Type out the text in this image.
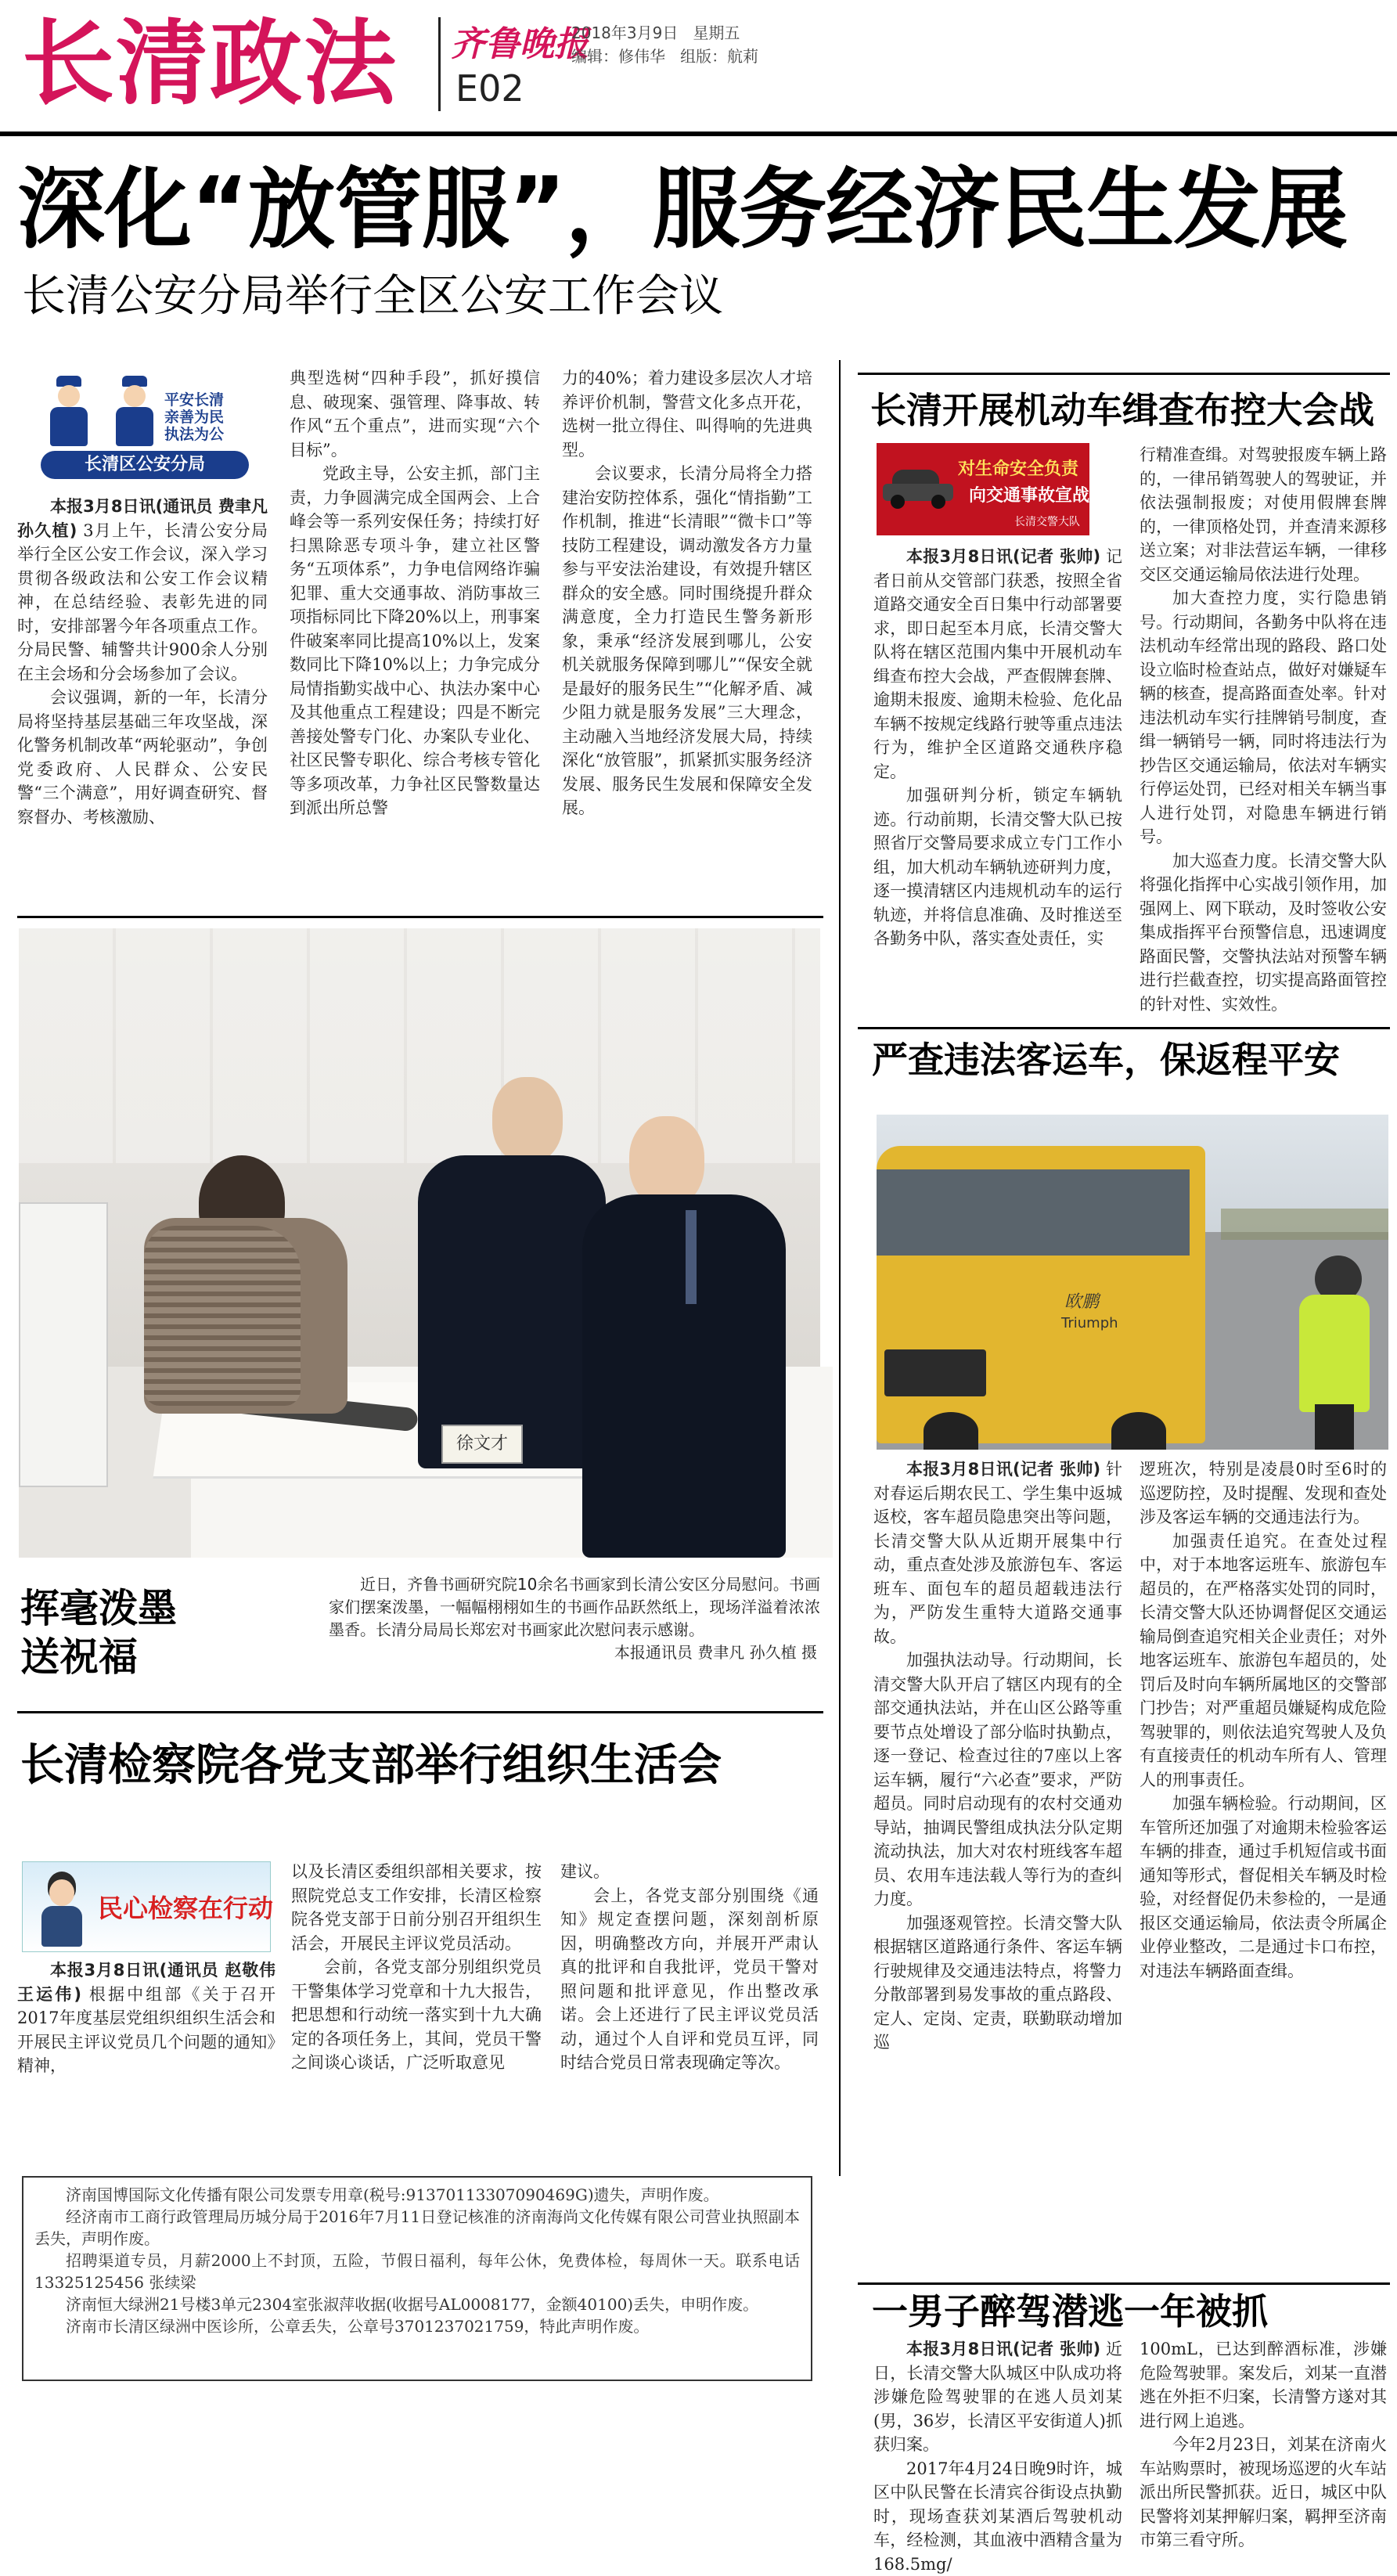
长清政法 齐鲁晚报
2018年3月9日 星期五
编辑：修伟华 组版：航莉
E02
深化“放管服”，服务经济民生发展
长清公安分局举行全区公安工作会议
平安长清
亲善为民
执法为公
长清区公安分局

本报3月8日讯(通讯员 费聿凡 孙久植) 3月上午，长清公安分局举行全区公安工作会议，深入学习贯彻各级政法和公安工作会议精神，在总结经验、表彰先进的同时，安排部署今年各项重点工作。分局民警、辅警共计900余人分别在主会场和分会场参加了会议。

会议强调，新的一年，长清分局将坚持基层基础三年攻坚战，深化警务机制改革“两轮驱动”，争创党委政府、人民群众、公安民警“三个满意”，用好调查研究、督察督办、考核激励、

典型选树“四种手段”，抓好摸信息、破现案、强管理、降事故、转作风“五个重点”，进而实现“六个目标”。

党政主导，公安主抓，部门主责，力争圆满完成全国两会、上合峰会等一系列安保任务；持续打好扫黑除恶专项斗争，建立社区警务“五项体系”，力争电信网络诈骗犯罪、重大交通事故、消防事故三项指标同比下降20%以上，刑事案件破案率同比提高10%以上，发案数同比下降10%以上；力争完成分局情指勤实战中心、执法办案中心及其他重点工程建设；四是不断完善接处警专门化、办案队专业化、社区民警专职化、综合考核专管化等多项改革，力争社区民警数量达到派出所总警

力的40%；着力建设多层次人才培养评价机制，警营文化多点开花，选树一批立得住、叫得响的先进典型。

会议要求，长清分局将全力搭建治安防控体系，强化“情指勤”工作机制，推进“长清眼”“微卡口”等技防工程建设，调动激发各方力量参与平安法治建设，有效提升辖区群众的安全感。同时围绕提升群众满意度，全力打造民生警务新形象，秉承“经济发展到哪儿，公安机关就服务保障到哪儿”“保安全就是最好的服务民生”“化解矛盾、减少阻力就是服务发展”三大理念，主动融入当地经济发展大局，持续深化“放管服”，抓紧抓实服务经济发展、服务民生发展和保障安全发展。

长清开展机动车缉查布控大会战
对生命安全负责
向交通事故宣战
长清交警大队

本报3月8日讯(记者 张帅) 记者日前从交管部门获悉，按照全省道路交通安全百日集中行动部署要求，即日起至本月底，长清交警大队将在辖区范围内集中开展机动车缉查布控大会战，严查假牌套牌、逾期未报废、逾期未检验、危化品车辆不按规定线路行驶等重点违法行为，维护全区道路交通秩序稳定。

加强研判分析，锁定车辆轨迹。行动前期，长清交警大队已按照省厅交警局要求成立专门工作小组，加大机动车辆轨迹研判力度，逐一摸清辖区内违规机动车的运行轨迹，并将信息准确、及时推送至各勤务中队，落实查处责任，实

行精准查缉。对驾驶报废车辆上路的，一律吊销驾驶人的驾驶证，并依法强制报废；对使用假牌套牌的，一律顶格处罚，并查清来源移送立案；对非法营运车辆，一律移交区交通运输局依法进行处理。

加大查控力度，实行隐患销号。行动期间，各勤务中队将在违法机动车经常出现的路段、路口处设立临时检查站点，做好对嫌疑车辆的核查，提高路面查处率。针对违法机动车实行挂牌销号制度，查缉一辆销号一辆，同时将违法行为抄告区交通运输局，依法对车辆实行停运处罚，已经对相关车辆当事人进行处罚，对隐患车辆进行销号。

加大巡查力度。长清交警大队将强化指挥中心实战引领作用，加强网上、网下联动，及时签收公安集成指挥平台预警信息，迅速调度路面民警，交警执法站对预警车辆进行拦截查控，切实提高路面管控的针对性、实效性。

徐文才
挥毫泼墨
送祝福
近日，齐鲁书画研究院10余名书画家到长清公安区分局慰问。书画家们摆案泼墨，一幅幅栩栩如生的书画作品跃然纸上，现场洋溢着浓浓墨香。长清分局局长郑宏对书画家此次慰问表示感谢。
本报通讯员 费聿凡 孙久植 摄
严查违法客运车，保返程平安
欧鹏
Triumph

本报3月8日讯(记者 张帅) 针对春运后期农民工、学生集中返城返校，客车超员隐患突出等问题，长清交警大队从近期开展集中行动，重点查处涉及旅游包车、客运班车、面包车的超员超载违法行为，严防发生重特大道路交通事故。

加强执法动导。行动期间，长清交警大队开启了辖区内现有的全部交通执法站，并在山区公路等重要节点处增设了部分临时执勤点，逐一登记、检查过往的7座以上客运车辆，履行“六必查”要求，严防超员。同时启动现有的农村交通劝导站，抽调民警组成执法分队定期流动执法，加大对农村班线客车超员、农用车违法载人等行为的查纠力度。

加强逐观管控。长清交警大队根据辖区道路通行条件、客运车辆行驶规律及交通违法特点，将警力分散部署到易发事故的重点路段、定人、定岗、定责，联勤联动增加巡

逻班次，特别是凌晨0时至6时的巡逻防控，及时提醒、发现和查处涉及客运车辆的交通违法行为。

加强责任追究。在查处过程中，对于本地客运班车、旅游包车超员的，在严格落实处罚的同时，长清交警大队还协调督促区交通运输局倒查追究相关企业责任；对外地客运班车、旅游包车超员的，处罚后及时向车辆所属地区的交警部门抄告；对严重超员嫌疑构成危险驾驶罪的，则依法追究驾驶人及负有直接责任的机动车所有人、管理人的刑事责任。

加强车辆检验。行动期间，区车管所还加强了对逾期未检验客运车辆的排查，通过手机短信或书面通知等形式，督促相关车辆及时检验，对经督促仍未参检的，一是通报区交通运输局，依法责令所属企业停业整改，二是通过卡口布控，对违法车辆路面查缉。

长清检察院各党支部举行组织生活会
民心检察在行动

本报3月8日讯(通讯员 赵敬伟 王运伟) 根据中组部《关于召开2017年度基层党组织组织生活会和开展民主评议党员几个问题的通知》精神，

以及长清区委组织部相关要求，按照院党总支工作安排，长清区检察院各党支部于日前分别召开组织生活会，开展民主评议党员活动。

会前，各党支部分别组织党员干警集体学习党章和十九大报告，把思想和行动统一落实到十九大确定的各项任务上，其间，党员干警之间谈心谈话，广泛听取意见

建议。

会上，各党支部分别围绕《通知》规定查摆问题，深刻剖析原因，明确整改方向，并展开严肃认真的批评和自我批评，党员干警对照问题和批评意见，作出整改承诺。会上还进行了民主评议党员活动，通过个人自评和党员互评，同时结合党员日常表现确定等次。

济南国博国际文化传播有限公司发票专用章(税号:91370113307090469G)遗失，声明作废。

经济南市工商行政管理局历城分局于2016年7月11日登记核准的济南海尚文化传媒有限公司营业执照副本丢失，声明作废。

招聘渠道专员，月薪2000上不封顶，五险，节假日福利，每年公休，免费体检，每周休一天。联系电话13325125456 张续梁

济南恒大绿洲21号楼3单元2304室张淑萍收据(收据号AL0008177，金额40100)丢失，申明作废。

济南市长清区绿洲中医诊所，公章丢失，公章号3701237021759，特此声明作废。	一男子醉驾潜逃一年被抓

本报3月8日讯(记者 张帅) 近日，长清交警大队城区中队成功将涉嫌危险驾驶罪的在逃人员刘某(男，36岁，长清区平安街道人)抓获归案。

2017年4月24日晚9时许，城区中队民警在长清宾谷街设点执勤时，现场查获刘某酒后驾驶机动车，经检测，其血液中酒精含量为168.5mg/

100mL，已达到醉酒标准，涉嫌危险驾驶罪。案发后，刘某一直潜逃在外拒不归案，长清警方遂对其进行网上追逃。

今年2月23日，刘某在济南火车站购票时，被现场巡逻的火车站派出所民警抓获。近日，城区中队民警将刘某押解归案，羁押至济南市第三看守所。
